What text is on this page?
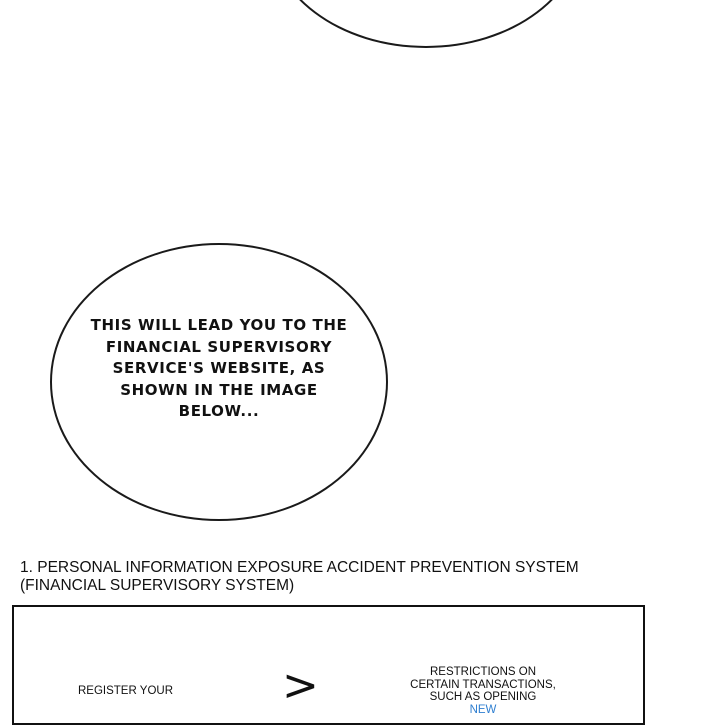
THIS WILL LEAD YOU TO THE
FINANCIAL SUPERVISORY
SERVICE'S WEBSITE, AS
SHOWN IN THE IMAGE
BELOW...
1. PERSONAL INFORMATION EXPOSURE ACCIDENT PREVENTION SYSTEM
(FINANCIAL SUPERVISORY SYSTEM)
REGISTER YOUR >	RESTRICTIONS ON
CERTAIN TRANSACTIONS,
SUCH AS OPENING
NEW
